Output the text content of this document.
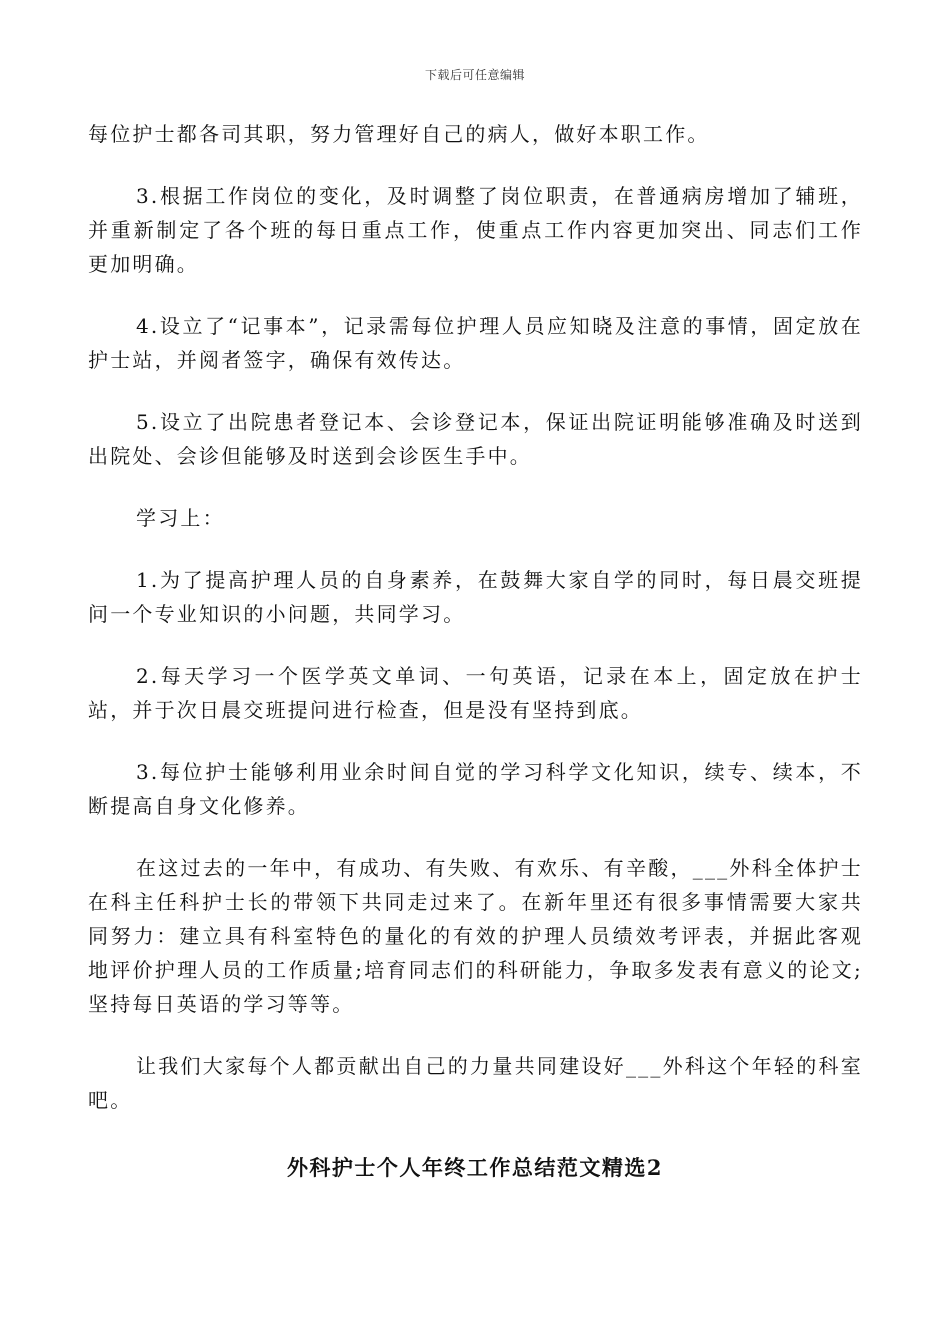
下载后可任意编辑

每位护士都各司其职，努力管理好自己的病人，做好本职工作。

3.根据工作岗位的变化，及时调整了岗位职责，在普通病房增加了辅班，并重新制定了各个班的每日重点工作，使重点工作内容更加突出、同志们工作更加明确。

4.设立了“记事本”，记录需每位护理人员应知晓及注意的事情，固定放在护士站，并阅者签字，确保有效传达。

5.设立了出院患者登记本、会诊登记本，保证出院证明能够准确及时送到出院处、会诊但能够及时送到会诊医生手中。

学习上：

1.为了提高护理人员的自身素养，在鼓舞大家自学的同时，每日晨交班提问一个专业知识的小问题，共同学习。

2.每天学习一个医学英文单词、一句英语，记录在本上，固定放在护士站，并于次日晨交班提问进行检查，但是没有坚持到底。

3.每位护士能够利用业余时间自觉的学习科学文化知识，续专、续本，不断提高自身文化修养。

在这过去的一年中，有成功、有失败、有欢乐、有辛酸，___外科全体护士在科主任科护士长的带领下共同走过来了。在新年里还有很多事情需要大家共同努力：建立具有科室特色的量化的有效的护理人员绩效考评表，并据此客观地评价护理人员的工作质量;培育同志们的科研能力，争取多发表有意义的论文;坚持每日英语的学习等等。

让我们大家每个人都贡献出自己的力量共同建设好___外科这个年轻的科室吧。

外科护士个人年终工作总结范文精选2
